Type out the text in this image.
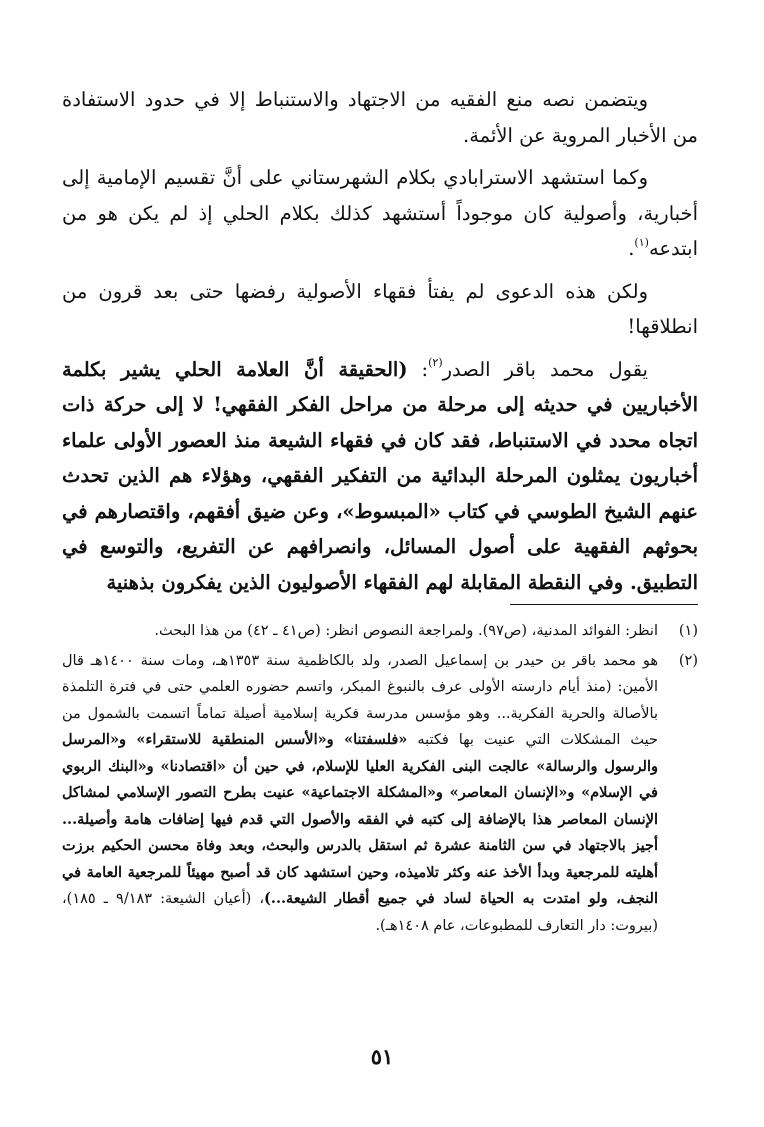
ويتضمن نصه منع الفقيه من الاجتهاد والاستنباط إلا في حدود الاستفادة من الأخبار المروية عن الأئمة.

وكما استشهد الاسترابادي بكلام الشهرستاني على أنَّ تقسيم الإمامية إلى أخبارية، وأصولية كان موجوداً أستشهد كذلك بكلام الحلي إذ لم يكن هو من ابتدعه$^{(١)}$.

ولكن هذه الدعوى لم يفتأ فقهاء الأصولية رفضها حتى بعد قرون من انطلاقها!

يقول محمد باقر الصدر$^{(٢)}$: (الحقيقة أنَّ العلامة الحلي يشير بكلمة الأخباريين في حديثه إلى مرحلة من مراحل الفكر الفقهي! لا إلى حركة ذات اتجاه محدد في الاستنباط، فقد كان في فقهاء الشيعة منذ العصور الأولى علماء أخباريون يمثلون المرحلة البدائية من التفكير الفقهي، وهؤلاء هم الذين تحدث عنهم الشيخ الطوسي في كتاب «المبسوط»، وعن ضيق أفقهم، واقتصارهم في بحوثهم الفقهية على أصول المسائل، وانصرافهم عن التفريع، والتوسع في التطبيق. وفي النقطة المقابلة لهم الفقهاء الأصوليون الذين يفكرون بذهنية

(١)
انظر: الفوائد المدنية، (ص٩٧). ولمراجعة النصوص انظر: (ص٤١ ـ ٤٢) من هذا البحث.
(٢)
هو محمد باقر بن حيدر بن إسماعيل الصدر، ولد بالكاظمية سنة ١٣٥٣هـ، ومات سنة ١٤٠٠هـ قال الأمين: (منذ أيام دارسته الأولى عرف بالنبوغ المبكر، واتسم حضوره العلمي حتى في فترة التلمذة بالأصالة والحرية الفكرية... وهو مؤسس مدرسة فكرية إسلامية أصيلة تماماً اتسمت بالشمول من حيث المشكلات التي عنيت بها فكتبه «فلسفتنا» و«الأسس المنطقية للاستقراء» و«المرسل والرسول والرسالة» عالجت البنى الفكرية العليا للإسلام، في حين أن «اقتصادنا» و«البنك الربوي في الإسلام» و«الإنسان المعاصر» و«المشكلة الاجتماعية» عنيت بطرح التصور الإسلامي لمشاكل الإنسان المعاصر هذا بالإضافة إلى كتبه في الفقه والأصول التي قدم فيها إضافات هامة وأصيلة... أجيز بالاجتهاد في سن الثامنة عشرة ثم استقل بالدرس والبحث، وبعد وفاة محسن الحكيم برزت أهليته للمرجعية وبدأ الأخذ عنه وكثر تلاميذه، وحين استشهد كان قد أصبح مهيئاً للمرجعية العامة في النجف، ولو امتدت به الحياة لساد في جميع أقطار الشيعة...)، (أعيان الشيعة: ٩/١٨٣ ـ ١٨٥)، (بيروت: دار التعارف للمطبوعات، عام ١٤٠٨هـ).
٥١
